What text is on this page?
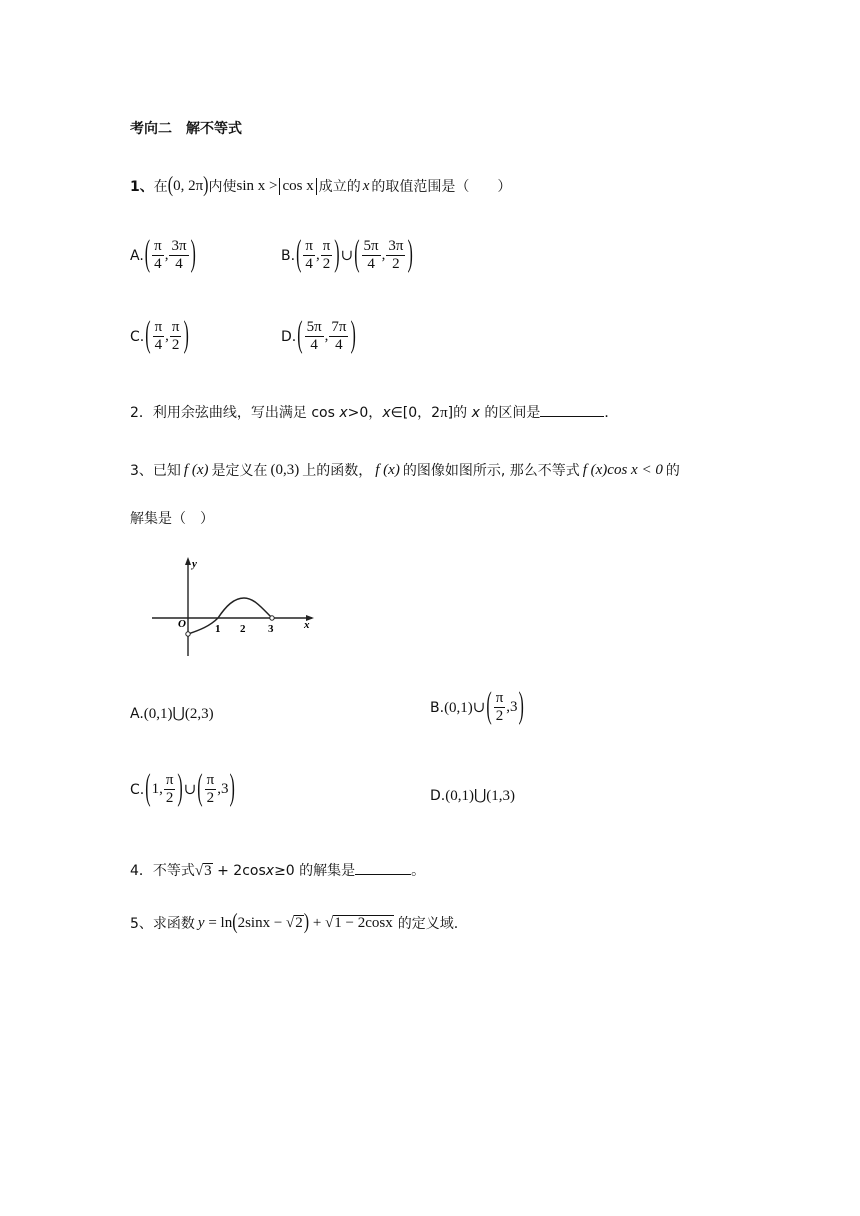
考向二　解不等式
1、 在 ( 0, 2π ) 内使 sin x > cos x 成立的 x 的取值范围是（　　）
A. ( $\frac{\pi}{4}$ , $\frac{3\pi}{4}$ )	B. ( $\frac{\pi}{4}$ , $\frac{\pi}{2}$ ) ∪ ( $\frac{5\pi}{4}$ , $\frac{3\pi}{2}$ )
C. ( $\frac{\pi}{4}$ , $\frac{\pi}{2}$ )	D. ( $\frac{5\pi}{4}$ , $\frac{7\pi}{4}$ )
2．利用余弦曲线，写出满足 cos x>0，x∈[0，2π]的 x 的区间是	．
3、已知 f (x) 是定义在 (0,3) 上的函数， f (x) 的图像如图所示, 那么不等式 f (x)cos x < 0 的
解集是（　）
y
x
O	1 2 3
A. (0,1)⋃(2,3)	B. (0,1)∪ ( $\frac{\pi}{2} ,3$ )
C. ( 1, $\frac{\pi}{2}$ ) ∪ ( $\frac{\pi}{2} ,3$ )	D. (0,1)⋃(1,3)
4．不等式√3 + 2cosx≥0 的解集是	。
5、求函数 y = ln ( 2sinx − √ 2 ) + √ 1 − 2cosx 的定义域.
